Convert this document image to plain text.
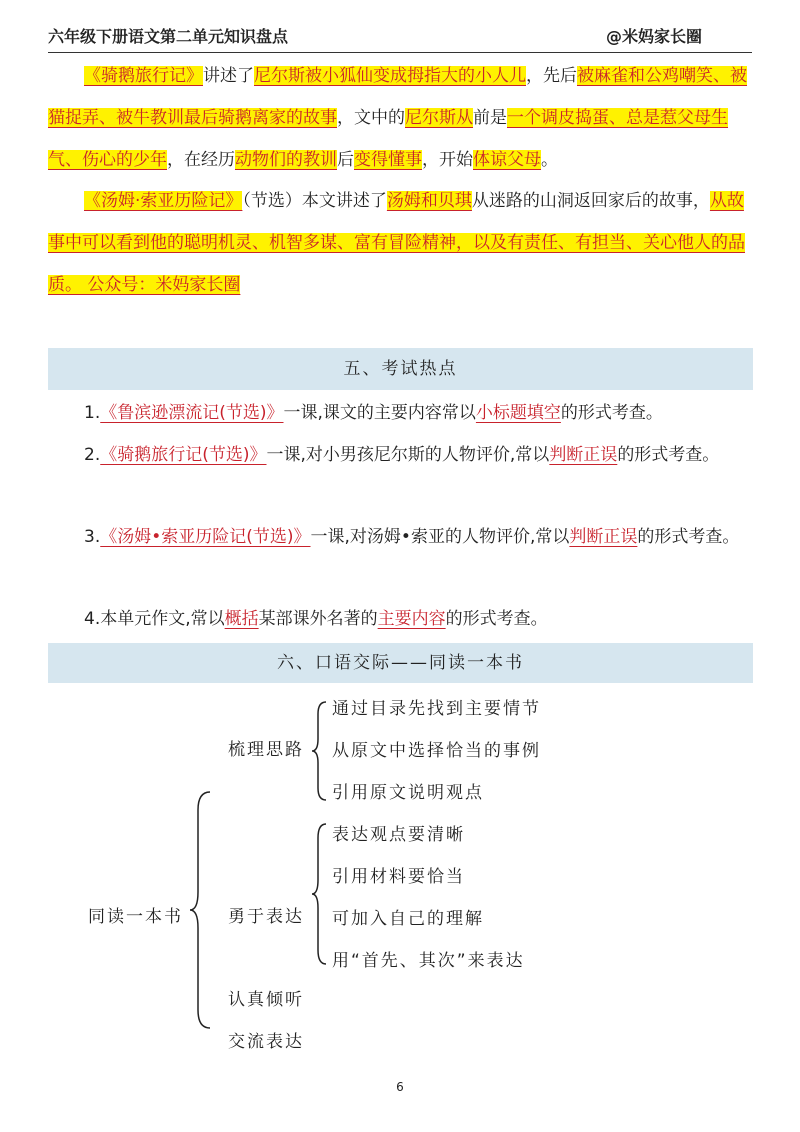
六年级下册语文第二单元知识盘点	@米妈家长圈
《骑鹅旅行记》讲述了尼尔斯被小狐仙变成拇指大的小人儿，先后被麻雀和公鸡嘲笑、被猫捉弄、被牛教训最后骑鹅离家的故事，文中的尼尔斯从前是一个调皮捣蛋、总是惹父母生气、伤心的少年，在经历动物们的教训后变得懂事，开始体谅父母。
《汤姆·索亚历险记》（节选）本文讲述了汤姆和贝琪从迷路的山洞返回家后的故事，从故事中可以看到他的聪明机灵、机智多谋、富有冒险精神，以及有责任、有担当、关心他人的品质。 公众号：米妈家长圈
五、考试热点
1.《鲁滨逊漂流记(节选)》一课,课文的主要内容常以小标题填空的形式考查。
2.《骑鹅旅行记(节选)》一课,对小男孩尼尔斯的人物评价,常以判断正误的形式考查。
3.《汤姆•索亚历险记(节选)》一课,对汤姆•索亚的人物评价,常以判断正误的形式考查。
4.本单元作文,常以概括某部课外名著的主要内容的形式考查。
六、口语交际——同读一本书
同读一本书
梳理思路
勇于表达
认真倾听
交流表达
通过目录先找到主要情节
从原文中选择恰当的事例
引用原文说明观点
表达观点要清晰
引用材料要恰当
可加入自己的理解
用“首先、其次”来表达
6
